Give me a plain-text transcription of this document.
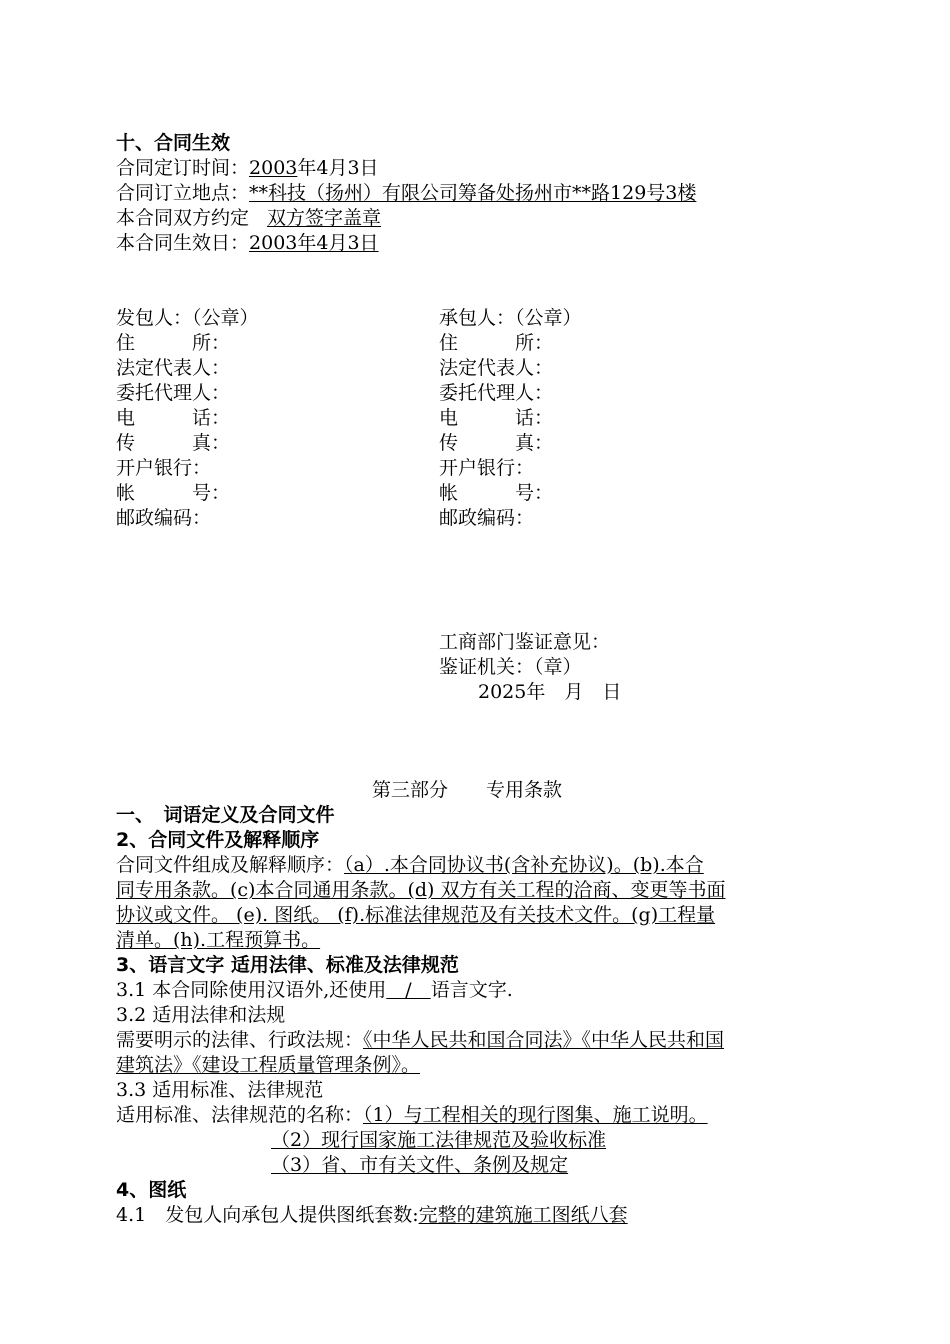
十、合同生效
合同定订时间：2003年4月3日
合同订立地点：**科技（扬州）有限公司筹备处扬州市**路129号3楼
本合同双方约定 双方签字盖章
本合同生效日：2003年4月3日
发包人：（公章）
住　　　所：
法定代表人：
委托代理人：
电　　　话：
传　　　真：
开户银行：
帐　　　号：
邮政编码：
承包人：（公章）
住　　　所：
法定代表人：
委托代理人：
电　　　话：
传　　　真：
开户银行：
帐　　　号：
邮政编码：
工商部门鉴证意见：
鉴证机关：（章）
2025年　月　日
第三部分　　专用条款
一、　词语定义及合同文件
2、合同文件及解释顺序
合同文件组成及解释顺序：（a）.本合同协议书(含补充协议)。(b).本合
同专用条款。(c)本合同通用条款。(d) 双方有关工程的洽商、变更等书面
协议或文件。 (e). 图纸。 (f).标准法律规范及有关技术文件。(g)工程量
清单。(h).工程预算书。
3、语言文字 适用法律、标准及法律规范
3.1 本合同除使用汉语外,还使用　/　语言文字.
3.2 适用法律和法规
需要明示的法律、行政法规：《中华人民共和国合同法》《中华人民共和国
建筑法》《建设工程质量管理条例》。
3.3 适用标准、法律规范
适用标准、法律规范的名称：（1）与工程相关的现行图集、施工说明。
（2）现行国家施工法律规范及验收标准
（3）省、市有关文件、条例及规定
4、图纸
4.1　发包人向承包人提供图纸套数:完整的建筑施工图纸八套
